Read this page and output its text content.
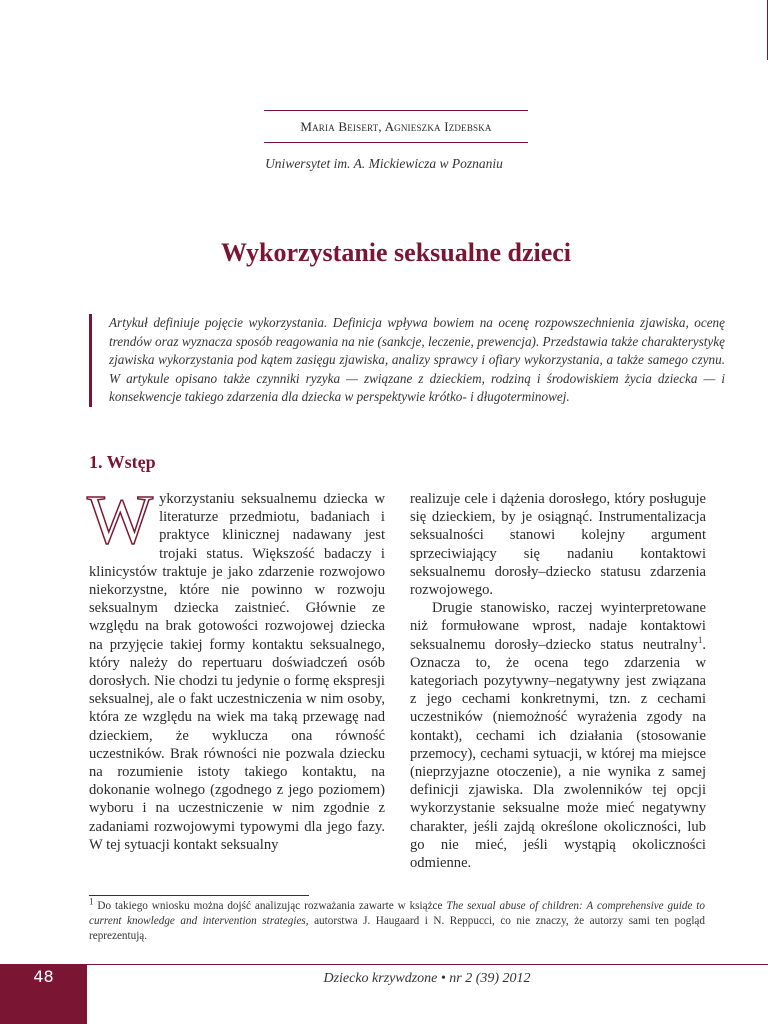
Maria Beisert, Agnieszka Izdebska
Uniwersytet im. A. Mickiewicza w Poznaniu
Wykorzystanie seksualne dzieci
Artykuł definiuje pojęcie wykorzystania. Definicja wpływa bowiem na ocenę rozpowszechnienia zjawiska, ocenę trendów oraz wyznacza sposób reagowania na nie (sankcje, leczenie, prewencja). Przedstawia także charakterystykę zjawiska wykorzystania pod kątem zasięgu zjawiska, analizy sprawcy i ofiary wykorzystania, a także samego czynu. W artykule opisano także czynniki ryzyka — związane z dzieckiem, rodziną i środowiskiem życia dziecka — i konsekwencje takiego zdarzenia dla dziecka w perspektywie krótko- i długoterminowej.
1. Wstęp

Wykorzystaniu seksualnemu dziecka w literaturze przedmiotu, badaniach i praktyce klinicznej nadawany jest trojaki status. Większość badaczy i klinicystów traktuje je jako zdarzenie rozwojowo niekorzystne, które nie powinno w rozwoju seksualnym dziecka zaistnieć. Głównie ze względu na brak gotowości rozwojowej dziecka na przyjęcie takiej formy kontaktu seksualnego, który należy do repertuaru doświadczeń osób dorosłych. Nie chodzi tu jedynie o formę ekspresji seksualnej, ale o fakt uczestniczenia w nim osoby, która ze względu na wiek ma taką przewagę nad dzieckiem, że wyklucza ona równość uczestników. Brak równości nie pozwala dziecku na rozumienie istoty takiego kontaktu, na dokonanie wolnego (zgodnego z jego poziomem) wyboru i na uczestniczenie w nim zgodnie z zadaniami rozwojowymi typowymi dla jego fazy. W tej sytuacji kontakt seksualny

realizuje cele i dążenia dorosłego, który posługuje się dzieckiem, by je osiągnąć. Instrumentalizacja seksualności stanowi kolejny argument sprzeciwiający się nadaniu kontaktowi seksualnemu dorosły–dziecko statusu zdarzenia rozwojowego.

Drugie stanowisko, raczej wyinterpretowane niż formułowane wprost, nadaje kontaktowi seksualnemu dorosły–dziecko status neutralny$^1$. Oznacza to, że ocena tego zdarzenia w kategoriach pozytywny–negatywny jest związana z jego cechami konkretnymi, tzn. z cechami uczestników (niemożność wyrażenia zgody na kontakt), cechami ich działania (stosowanie przemocy), cechami sytuacji, w której ma miejsce (nieprzyjazne otoczenie), a nie wynika z samej definicji zjawiska. Dla zwolenników tej opcji wykorzystanie seksualne może mieć negatywny charakter, jeśli zajdą określone okoliczności, lub go nie mieć, jeśli wystąpią okoliczności odmienne.

$^1$ Do takiego wniosku można dojść analizując rozważania zawarte w książce The sexual abuse of children: A comprehensive guide to current knowledge and intervention strategies, autorstwa J. Haugaard i N. Reppucci, co nie znaczy, że autorzy sami ten pogląd reprezentują.
48	Dziecko krzywdzone • nr 2 (39) 2012
